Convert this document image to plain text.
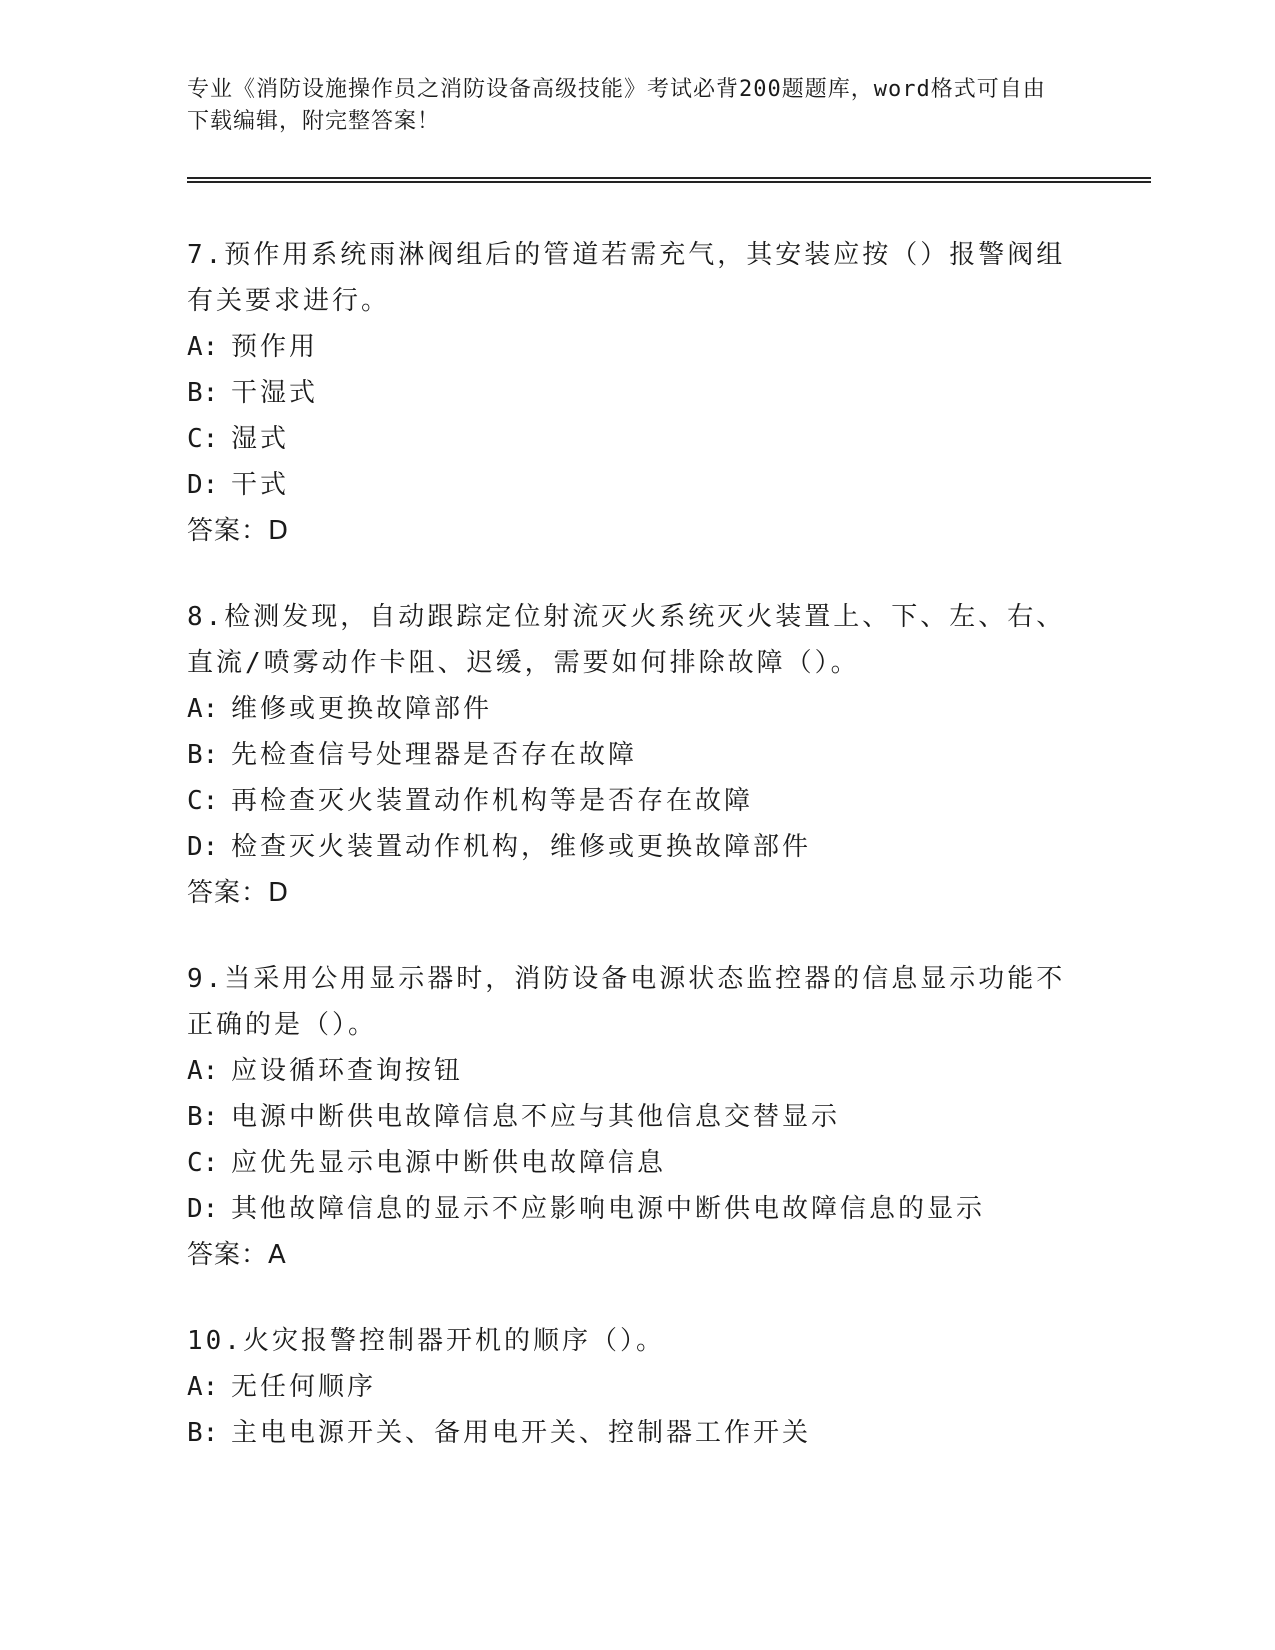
专业《消防设施操作员之消防设备高级技能》考试必背200题题库，word格式可自由下载编辑，附完整答案！

7.预作用系统雨淋阀组后的管道若需充气，其安装应按（）报警阀组有关要求进行。

A: 预作用

B: 干湿式

C: 湿式

D: 干式

答案：D

8.检测发现，自动跟踪定位射流灭火系统灭火装置上、下、左、右、直流/喷雾动作卡阻、迟缓，需要如何排除故障（）。

A: 维修或更换故障部件

B: 先检查信号处理器是否存在故障

C: 再检查灭火装置动作机构等是否存在故障

D: 检查灭火装置动作机构，维修或更换故障部件

答案：D

9.当采用公用显示器时，消防设备电源状态监控器的信息显示功能不正确的是（）。

A: 应设循环查询按钮

B: 电源中断供电故障信息不应与其他信息交替显示

C: 应优先显示电源中断供电故障信息

D: 其他故障信息的显示不应影响电源中断供电故障信息的显示

答案：A

10.火灾报警控制器开机的顺序（）。

A: 无任何顺序

B: 主电电源开关、备用电开关、控制器工作开关
